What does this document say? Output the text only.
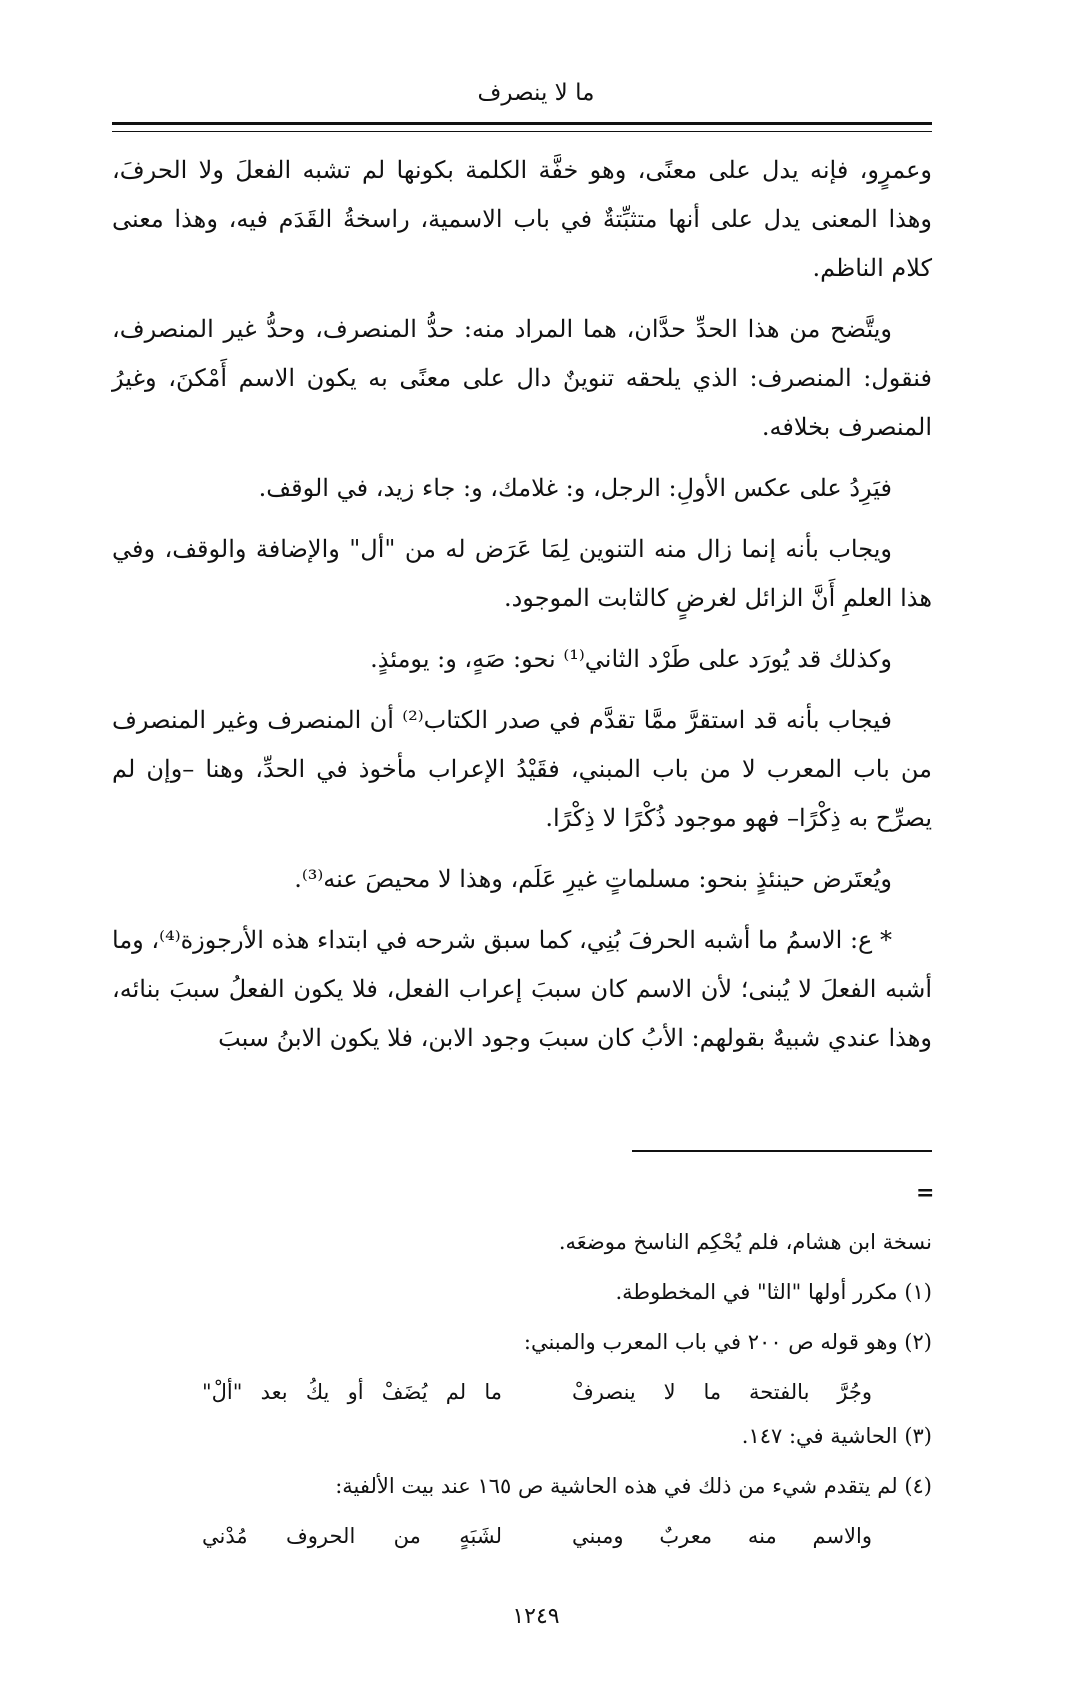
ما لا ينصرف

وعمرٍو، فإنه يدل على معنًى، وهو خفَّة الكلمة بكونها لم تشبه الفعلَ ولا الحرفَ، وهذا المعنى يدل على أنها متثبِّتةٌ في باب الاسمية، راسخةُ القَدَم فيه، وهذا معنى كلام الناظم.

ويتَّضح من هذا الحدِّ حدَّان، هما المراد منه: حدُّ المنصرف، وحدُّ غير المنصرف، فنقول: المنصرف: الذي يلحقه تنوينٌ دال على معنًى به يكون الاسم أَمْكنَ، وغيرُ المنصرف بخلافه.

فيَرِدُ على عكس الأولِ: الرجل، و: غلامك، و: جاء زيد، في الوقف.

ويجاب بأنه إنما زال منه التنوين لِمَا عَرَض له من "أل" والإضافة والوقف، وفي هذا العلمِ أَنَّ الزائل لغرضٍ كالثابت الموجود.

وكذلك قد يُورَد على طَرْد الثاني⁽¹⁾ نحو: صَهٍ، و: يومئذٍ.

فيجاب بأنه قد استقرَّ ممَّا تقدَّم في صدر الكتاب⁽²⁾ أن المنصرف وغير المنصرف من باب المعرب لا من باب المبني، فقَيْدُ الإعراب مأخوذ في الحدِّ، وهنا –وإن لم يصرِّح به ذِكْرًا– فهو موجود ذُكْرًا لا ذِكْرًا.

ويُعتَرض حينئذٍ بنحو: مسلماتٍ غيرِ عَلَم، وهذا لا محيصَ عنه⁽³⁾.

* ع: الاسمُ ما أشبه الحرفَ بُنِي، كما سبق شرحه في ابتداء هذه الأرجوزة⁽⁴⁾، وما أشبه الفعلَ لا يُبنى؛ لأن الاسم كان سببَ إعراب الفعل، فلا يكون الفعلُ سببَ بنائه، وهذا عندي شبيهٌ بقولهم: الأبُ كان سببَ وجود الابن، فلا يكون الابنُ سببَ

=

نسخة ابن هشام، فلم يُحْكِم الناسخ موضعَه.

(١) مكرر أولها "الثا" في المخطوطة.

(٢) وهو قوله ص ٢٠٠ في باب المعرب والمبني:

وجُرَّ بالفتحة ما لا ينصرفْ
ما لم يُضَفْ أو يكُ بعد "ألْ"

(٣) الحاشية في: ١٤٧.

(٤) لم يتقدم شيء من ذلك في هذه الحاشية ص ١٦٥ عند بيت الألفية:

والاسم منه معربٌ ومبني
لشَبَهٍ من الحروف مُدْني
١٢٤٩
